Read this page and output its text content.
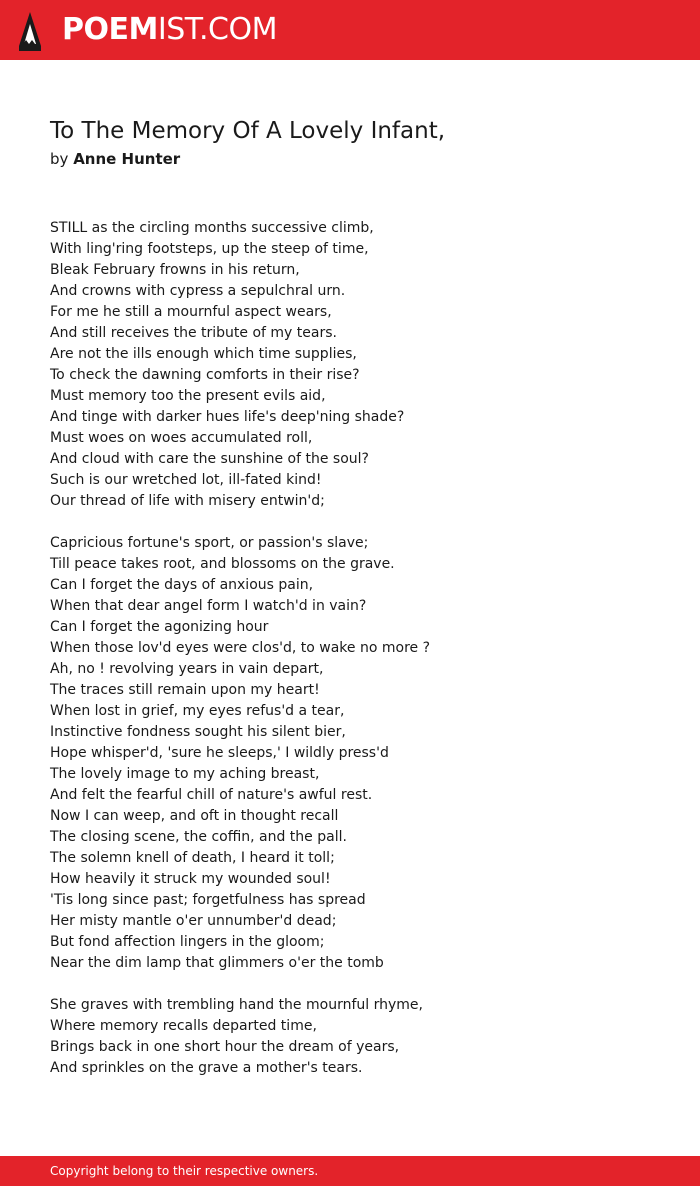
POEMIST.COM
To The Memory Of A Lovely Infant,
by Anne Hunter
STILL as the circling months successive climb,
With ling'ring footsteps, up the steep of time,
Bleak February frowns in his return,
And crowns with cypress a sepulchral urn.
For me he still a mournful aspect wears,
And still receives the tribute of my tears.
Are not the ills enough which time supplies,
To check the dawning comforts in their rise?
Must memory too the present evils aid,
And tinge with darker hues life's deep'ning shade?
Must woes on woes accumulated roll,
And cloud with care the sunshine of the soul?
Such is our wretched lot, ill-fated kind!
Our thread of life with misery entwin'd;
Capricious fortune's sport, or passion's slave;
Till peace takes root, and blossoms on the grave.
Can I forget the days of anxious pain,
When that dear angel form I watch'd in vain?
Can I forget the agonizing hour
When those lov'd eyes were clos'd, to wake no more ?
Ah, no ! revolving years in vain depart,
The traces still remain upon my heart!
When lost in grief, my eyes refus'd a tear,
Instinctive fondness sought his silent bier,
Hope whisper'd, 'sure he sleeps,' I wildly press'd
The lovely image to my aching breast,
And felt the fearful chill of nature's awful rest.
Now I can weep, and oft in thought recall
The closing scene, the coffin, and the pall.
The solemn knell of death, I heard it toll;
How heavily it struck my wounded soul!
'Tis long since past; forgetfulness has spread
Her misty mantle o'er unnumber'd dead;
But fond affection lingers in the gloom;
Near the dim lamp that glimmers o'er the tomb
She graves with trembling hand the mournful rhyme,
Where memory recalls departed time,
Brings back in one short hour the dream of years,
And sprinkles on the grave a mother's tears.
Copyright belong to their respective owners.
